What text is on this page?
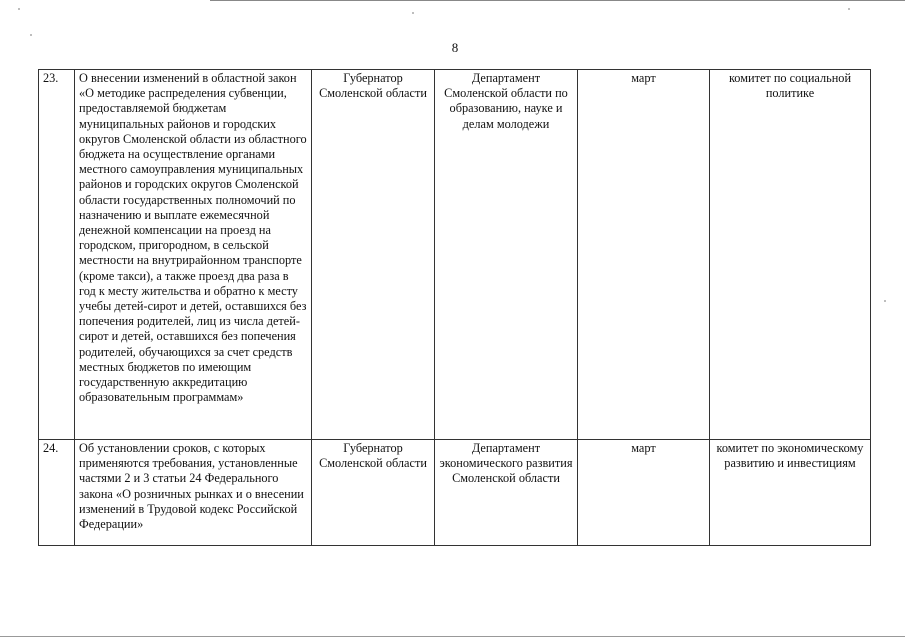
8
23.	О внесении изменений в областной закон «О методике распределения субвенции, предоставляемой бюджетам муниципальных районов и городских округов Смоленской области из областного бюджета на осуществление органами местного самоуправления муниципальных районов и городских округов Смоленской области государственных полномочий по назначению и выплате ежемесячной денежной компенсации на проезд на городском, пригородном, в сельской местности на внутрирайонном транспорте (кроме такси), а также проезд два раза в год к месту жительства и обратно к месту учебы детей-сирот и детей, оставшихся без попечения родителей, лиц из числа детей-сирот и детей, оставшихся без попечения родителей, обучающихся за счет средств местных бюджетов по имеющим государственную аккредитацию образовательным программам»	Губернатор Смоленской области	Департамент Смоленской области по образованию, науке и делам молодежи	март	комитет по социальной политике
24.	Об установлении сроков, с которых применяются требования, установленные частями 2 и 3 статьи 24 Федерального закона «О розничных рынках и о внесении изменений в Трудовой кодекс Российской Федерации»	Губернатор Смоленской области	Департамент экономического развития Смоленской области	март	комитет по экономическому развитию и инвестициям
